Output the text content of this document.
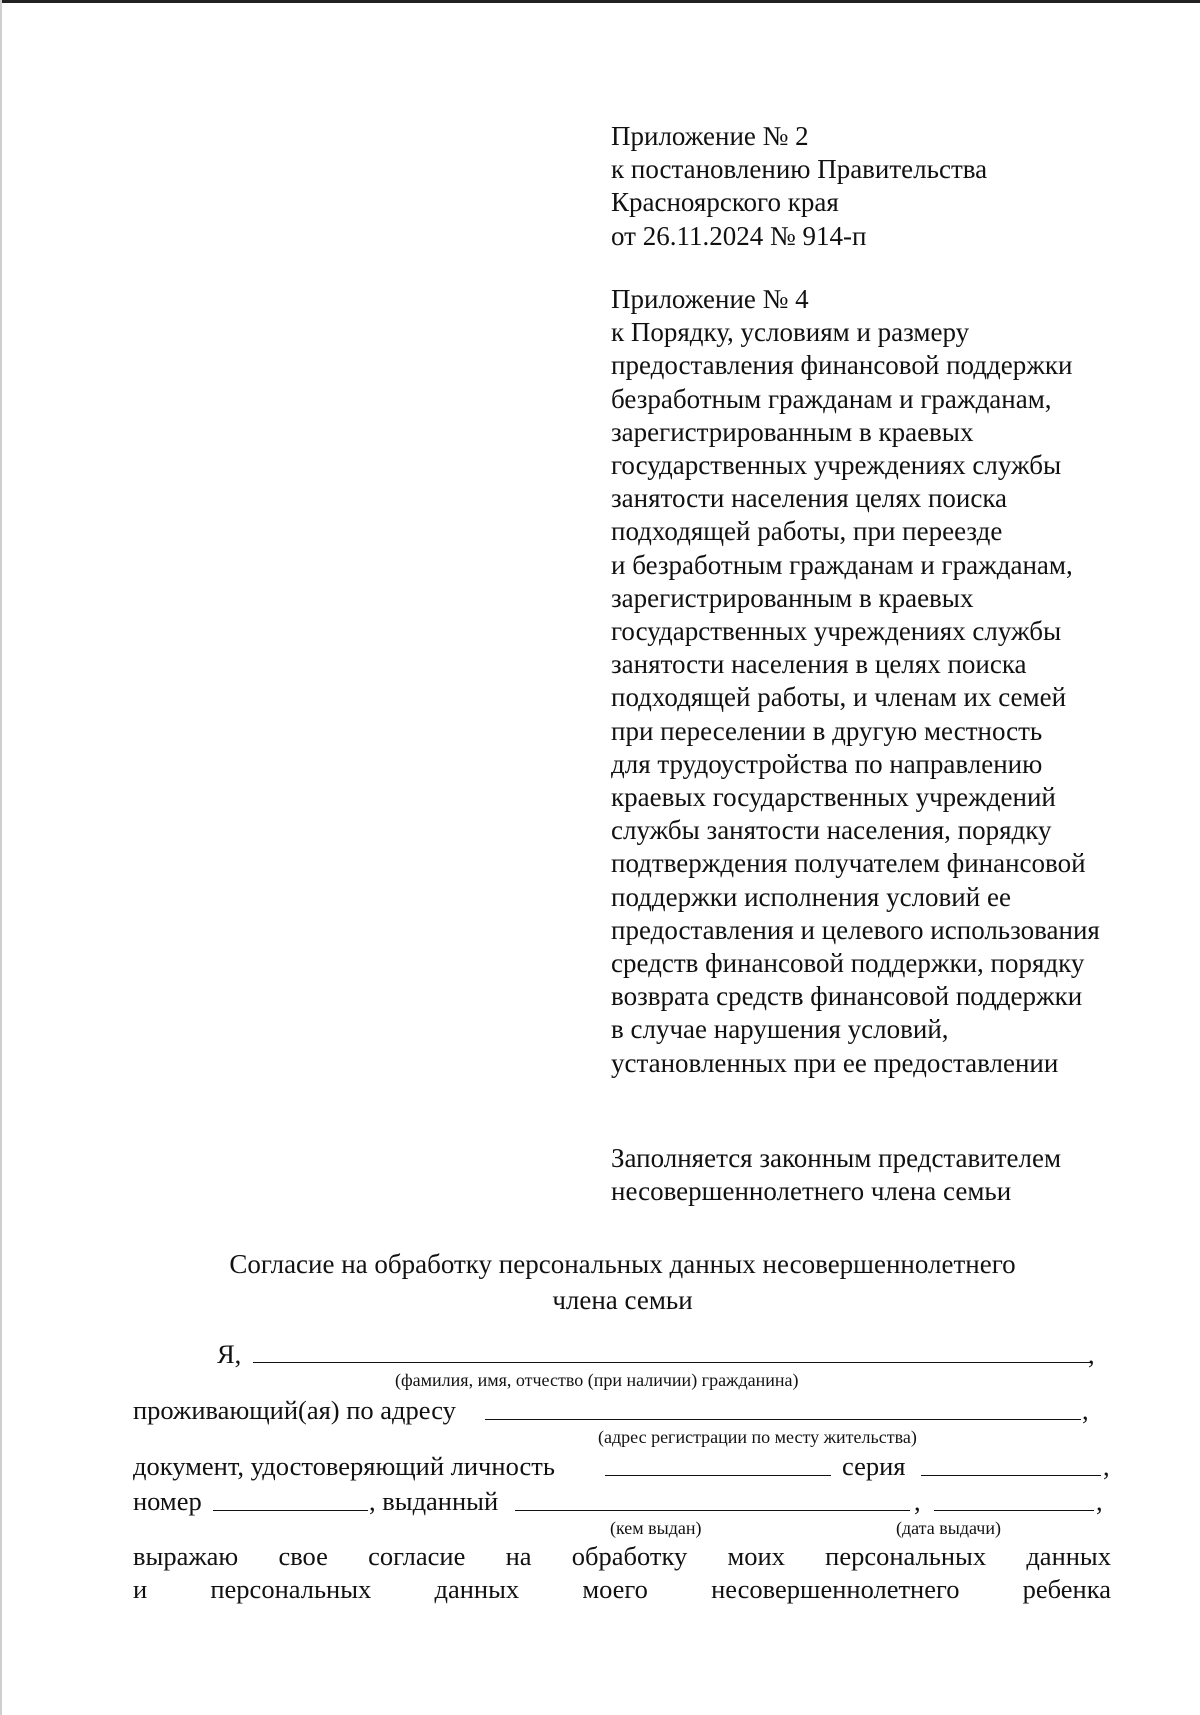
Приложение № 2
к постановлению Правительства
Красноярского края
от 26.11.2024 № 914-п
Приложение № 4
к Порядку, условиям и размеру
предоставления финансовой поддержки
безработным гражданам и гражданам,
зарегистрированным в краевых
государственных учреждениях службы
занятости населения целях поиска
подходящей работы, при переезде
и безработным гражданам и гражданам,
зарегистрированным в краевых
государственных учреждениях службы
занятости населения в целях поиска
подходящей работы, и членам их семей
при переселении в другую местность
для трудоустройства по направлению
краевых государственных учреждений
службы занятости населения, порядку
подтверждения получателем финансовой
поддержки исполнения условий ее
предоставления и целевого использования
средств финансовой поддержки, порядку
возврата средств финансовой поддержки
в случае нарушения условий,
установленных при ее предоставлении
Заполняется законным представителем
несовершеннолетнего члена семьи
Согласие на обработку персональных данных несовершеннолетнего
члена семьи
Я,	,
(фамилия, имя, отчество (при наличии) гражданина)
проживающий(ая) по адресу	,
(адрес регистрации по месту жительства)
документ, удостоверяющий личность	серия	,
номер	, выданный	,	,
(кем выдан)	(дата выдачи)
выражаю свое согласие на обработку моих персональных данных
и персональных данных моего несовершеннолетнего ребенка
